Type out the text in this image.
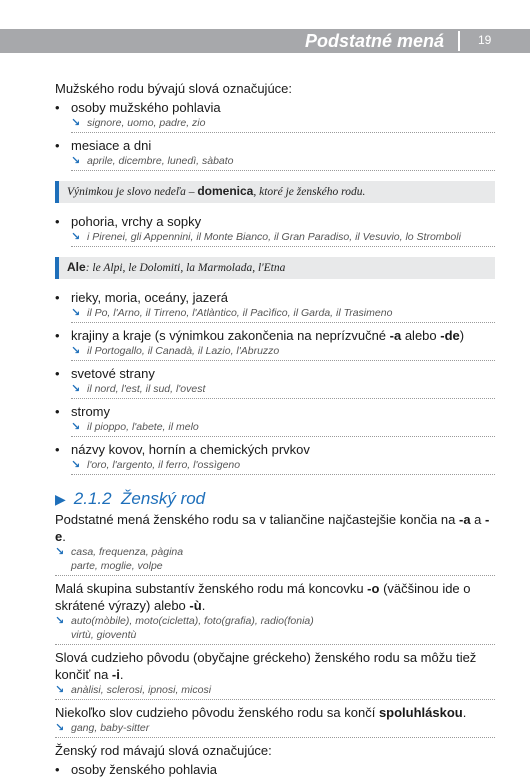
Podstatné mená	19
Mužského rodu bývajú slová označujúce:
• osoby mužského pohlavia
↘ signore, uomo, padre, zio
• mesiace a dni
↘ aprile, dicembre, lunedì, sàbato
Výnimkou je slovo nedeľa – domenica, ktoré je ženského rodu.
• pohoria, vrchy a sopky
↘ i Pirenei, gli Appennini, il Monte Bianco, il Gran Paradiso, il Vesuvio, lo Stromboli
Ale: le Alpi, le Dolomiti, la Marmolada, l'Etna
• rieky, moria, oceány, jazerá
↘ il Po, l'Arno, il Tirreno, l'Atlàntico, il Pacìfico, il Garda, il Trasimeno
• krajiny a kraje (s výnimkou zakončenia na neprízvučné -a alebo -de)
↘ il Portogallo, il Canadà, il Lazio, l'Abruzzo
• svetové strany
↘ il nord, l'est, il sud, l'ovest
• stromy
↘ il pioppo, l'abete, il melo
• názvy kovov, hornín a chemických prvkov
↘ l'oro, l'argento, il ferro, l'ossìgeno
▶ 2.1.2 Ženský rod
Podstatné mená ženského rodu sa v taliančine najčastejšie končia na -a a -e.
↘ casa, frequenza, pàgina
parte, moglie, volpe
Malá skupina substantív ženského rodu má koncovku -o (väčšinou ide o skrátené výrazy) alebo -ù.
↘ auto(mòbile), moto(cicletta), foto(grafia), radio(fonia)
virtù, gioventù
Slová cudzieho pôvodu (obyčajne gréckeho) ženského rodu sa môžu tiež končiť na -i.
↘ anàlisi, sclerosi, ipnosi, micosi
Niekoľko slov cudzieho pôvodu ženského rodu sa končí spoluhláskou.
↘ gang, baby-sitter
Ženský rod mávajú slová označujúce:
• osoby ženského pohlavia
